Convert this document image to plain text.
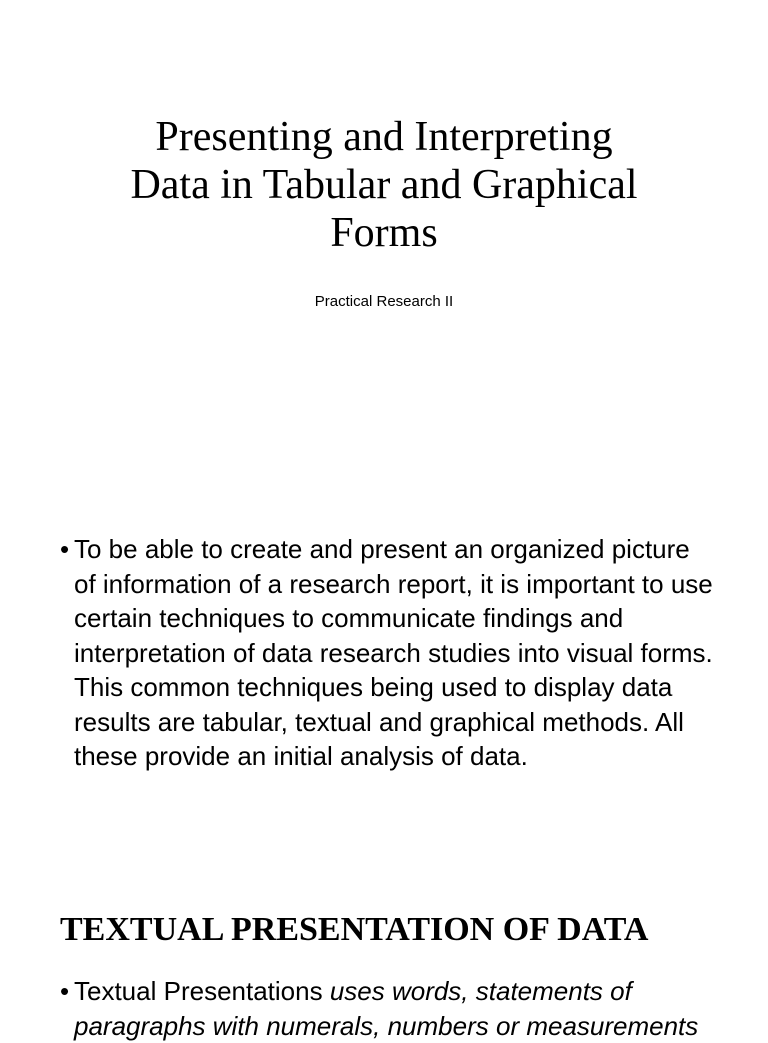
Presenting and Interpreting
Data in Tabular and Graphical
Forms
Practical Research II
• To be able to create and present an organized picture of information of a research report, it is important to use certain techniques to communicate findings and interpretation of data research studies into visual forms. This common techniques being used to display data results are tabular, textual and graphical methods. All these provide an initial analysis of data.
TEXTUAL PRESENTATION OF DATA
• Textual Presentations uses words, statements of paragraphs with numerals, numbers or measurements
